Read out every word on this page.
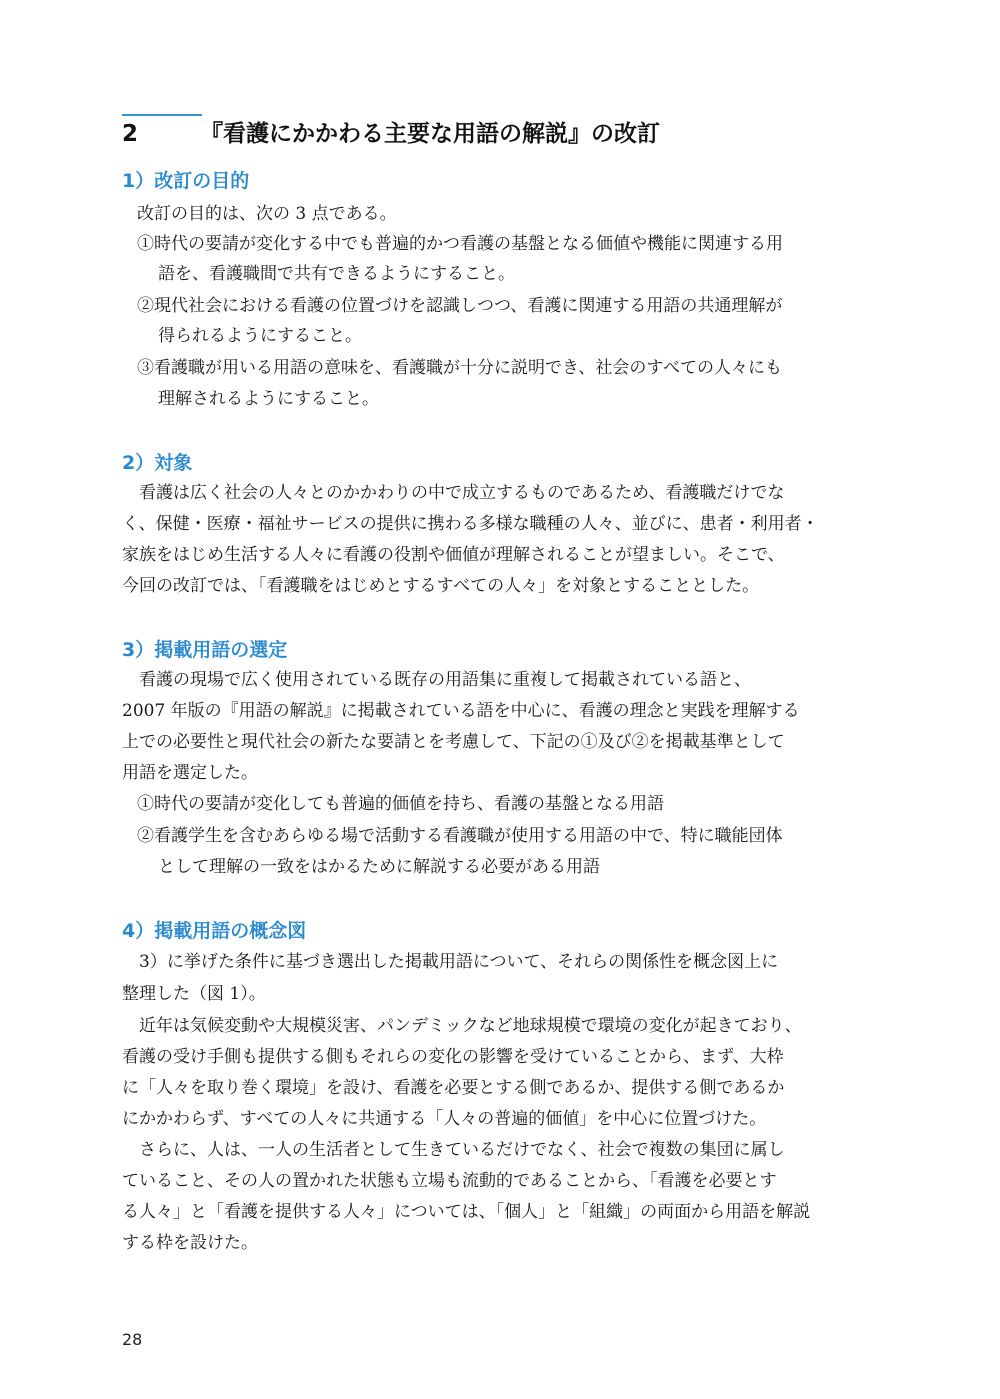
2	『看護にかかわる主要な用語の解説』の改訂
1）改訂の目的

改訂の目的は、次の 3 点である。

①時代の要請が変化する中でも普遍的かつ看護の基盤となる価値や機能に関連する用

語を、看護職間で共有できるようにすること。

②現代社会における看護の位置づけを認識しつつ、看護に関連する用語の共通理解が

得られるようにすること。

③看護職が用いる用語の意味を、看護職が十分に説明でき、社会のすべての人々にも

理解されるようにすること。

2）対象

　看護は広く社会の人々とのかかわりの中で成立するものであるため、看護職だけでな

く、保健・医療・福祉サービスの提供に携わる多様な職種の人々、並びに、患者・利用者・

家族をはじめ生活する人々に看護の役割や価値が理解されることが望ましい。そこで、

今回の改訂では、「看護職をはじめとするすべての人々」を対象とすることとした。

3）掲載用語の選定

　看護の現場で広く使用されている既存の用語集に重複して掲載されている語と、

2007 年版の『用語の解説』に掲載されている語を中心に、看護の理念と実践を理解する

上での必要性と現代社会の新たな要請とを考慮して、下記の①及び②を掲載基準として

用語を選定した。

①時代の要請が変化しても普遍的価値を持ち、看護の基盤となる用語

②看護学生を含むあらゆる場で活動する看護職が使用する用語の中で、特に職能団体

として理解の一致をはかるために解説する必要がある用語

4）掲載用語の概念図

　3）に挙げた条件に基づき選出した掲載用語について、それらの関係性を概念図上に

整理した（図 1）。

　近年は気候変動や大規模災害、パンデミックなど地球規模で環境の変化が起きており、

看護の受け手側も提供する側もそれらの変化の影響を受けていることから、まず、大枠

に「人々を取り巻く環境」を設け、看護を必要とする側であるか、提供する側であるか

にかかわらず、すべての人々に共通する「人々の普遍的価値」を中心に位置づけた。

　さらに、人は、一人の生活者として生きているだけでなく、社会で複数の集団に属し

ていること、その人の置かれた状態も立場も流動的であることから、「看護を必要とす

る人々」と「看護を提供する人々」については、「個人」と「組織」の両面から用語を解説

する枠を設けた。

28
